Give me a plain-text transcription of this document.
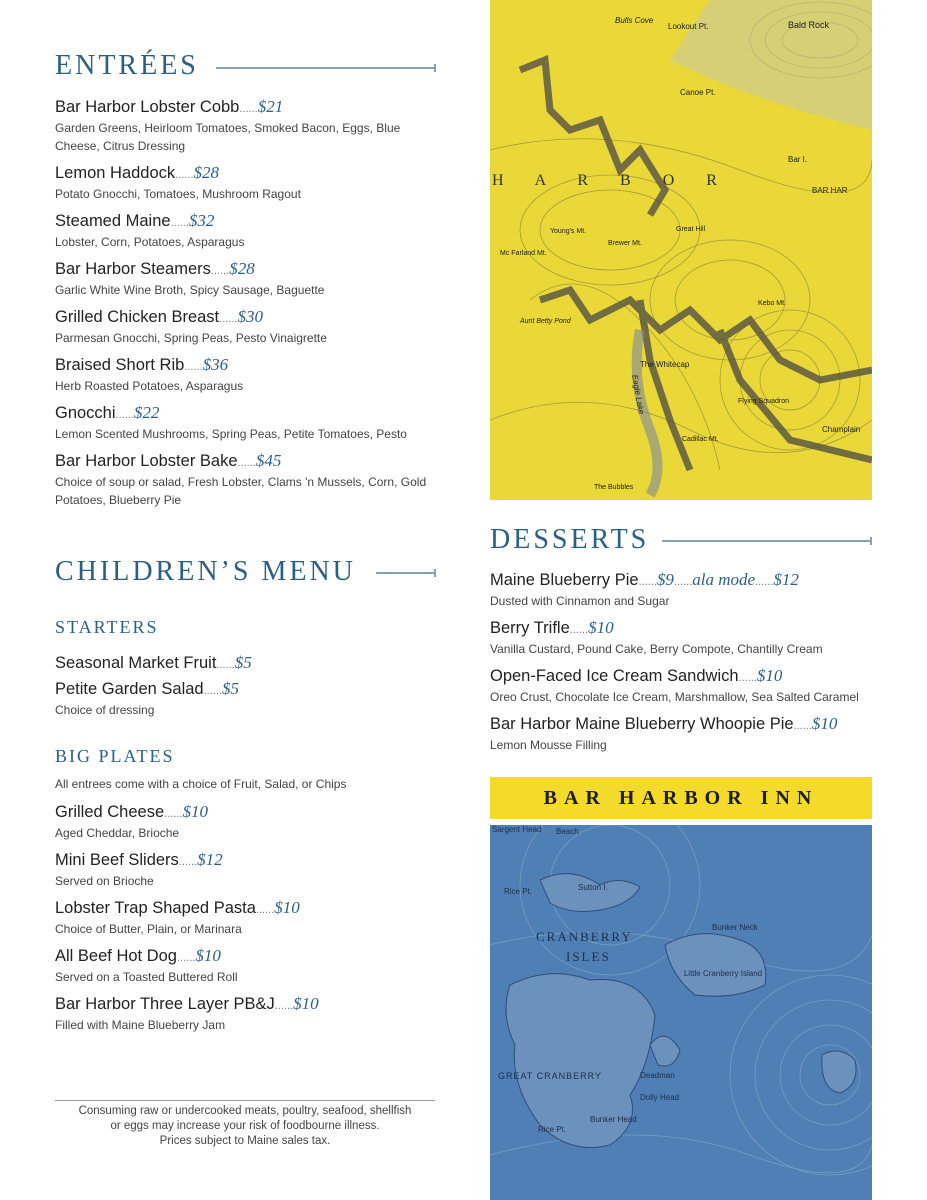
ENTRÉES
Bar Harbor Lobster Cobb......$21
Garden Greens, Heirloom Tomatoes, Smoked Bacon, Eggs, Blue Cheese, Citrus Dressing
Lemon Haddock......$28
Potato Gnocchi, Tomatoes, Mushroom Ragout
Steamed Maine......$32
Lobster, Corn, Potatoes, Asparagus
Bar Harbor Steamers......$28
Garlic White Wine Broth, Spicy Sausage, Baguette
Grilled Chicken Breast......$30
Parmesan Gnocchi, Spring Peas, Pesto Vinaigrette
Braised Short Rib......$36
Herb Roasted Potatoes, Asparagus
Gnocchi......$22
Lemon Scented Mushrooms, Spring Peas, Petite Tomatoes, Pesto
Bar Harbor Lobster Bake......$45
Choice of soup or salad, Fresh Lobster, Clams 'n Mussels, Corn, Gold Potatoes, Blueberry Pie
CHILDREN’S MENU
STARTERS
Seasonal Market Fruit......$5
Petite Garden Salad......$5
Choice of dressing
BIG PLATES
All entrees come with a choice of Fruit, Salad, or Chips
Grilled Cheese......$10
Aged Cheddar, Brioche
Mini Beef Sliders......$12
Served on Brioche
Lobster Trap Shaped Pasta......$10
Choice of Butter, Plain, or Marinara
All Beef Hot Dog......$10
Served on a Toasted Buttered Roll
Bar Harbor Three Layer PB&J......$10
Filled with Maine Blueberry Jam
Consuming raw or undercooked meats, poultry, seafood, shellfish
or eggs may increase your risk of foodbourne illness.
Prices subject to Maine sales tax.
Bald Rock
Lookout Pt.
Bulls Cove
Canoe Pt.
Bar I.
BAR HAR
H A R B O R
Young's Mt.	Great Hill
Brewer Mt.
Mc Farland Mt.
Kebo Mt.
Aunt Betty Pond
The Whitecap
Flying Squadron
Champlain
Eagle Lake
The Bubbles
Cadillac Mt.
DESSERTS
Maine Blueberry Pie......$9......ala mode......$12
Dusted with Cinnamon and Sugar
Berry Trifle......$10
Vanilla Custard, Pound Cake, Berry Compote, Chantilly Cream
Open-Faced Ice Cream Sandwich......$10
Oreo Crust, Chocolate Ice Cream, Marshmallow, Sea Salted Caramel
Bar Harbor Maine Blueberry Whoopie Pie......$10
Lemon Mousse Filling
BAR HARBOR INN
Sargent Head Beach
Rice Pt.	Sutton I.
CRANBERRY
ISLES
Bunker Neck
Little Cranberry Island
GREAT CRANBERRY	Deadman
Dolly Head
Bunker Head
Rice Pt.
